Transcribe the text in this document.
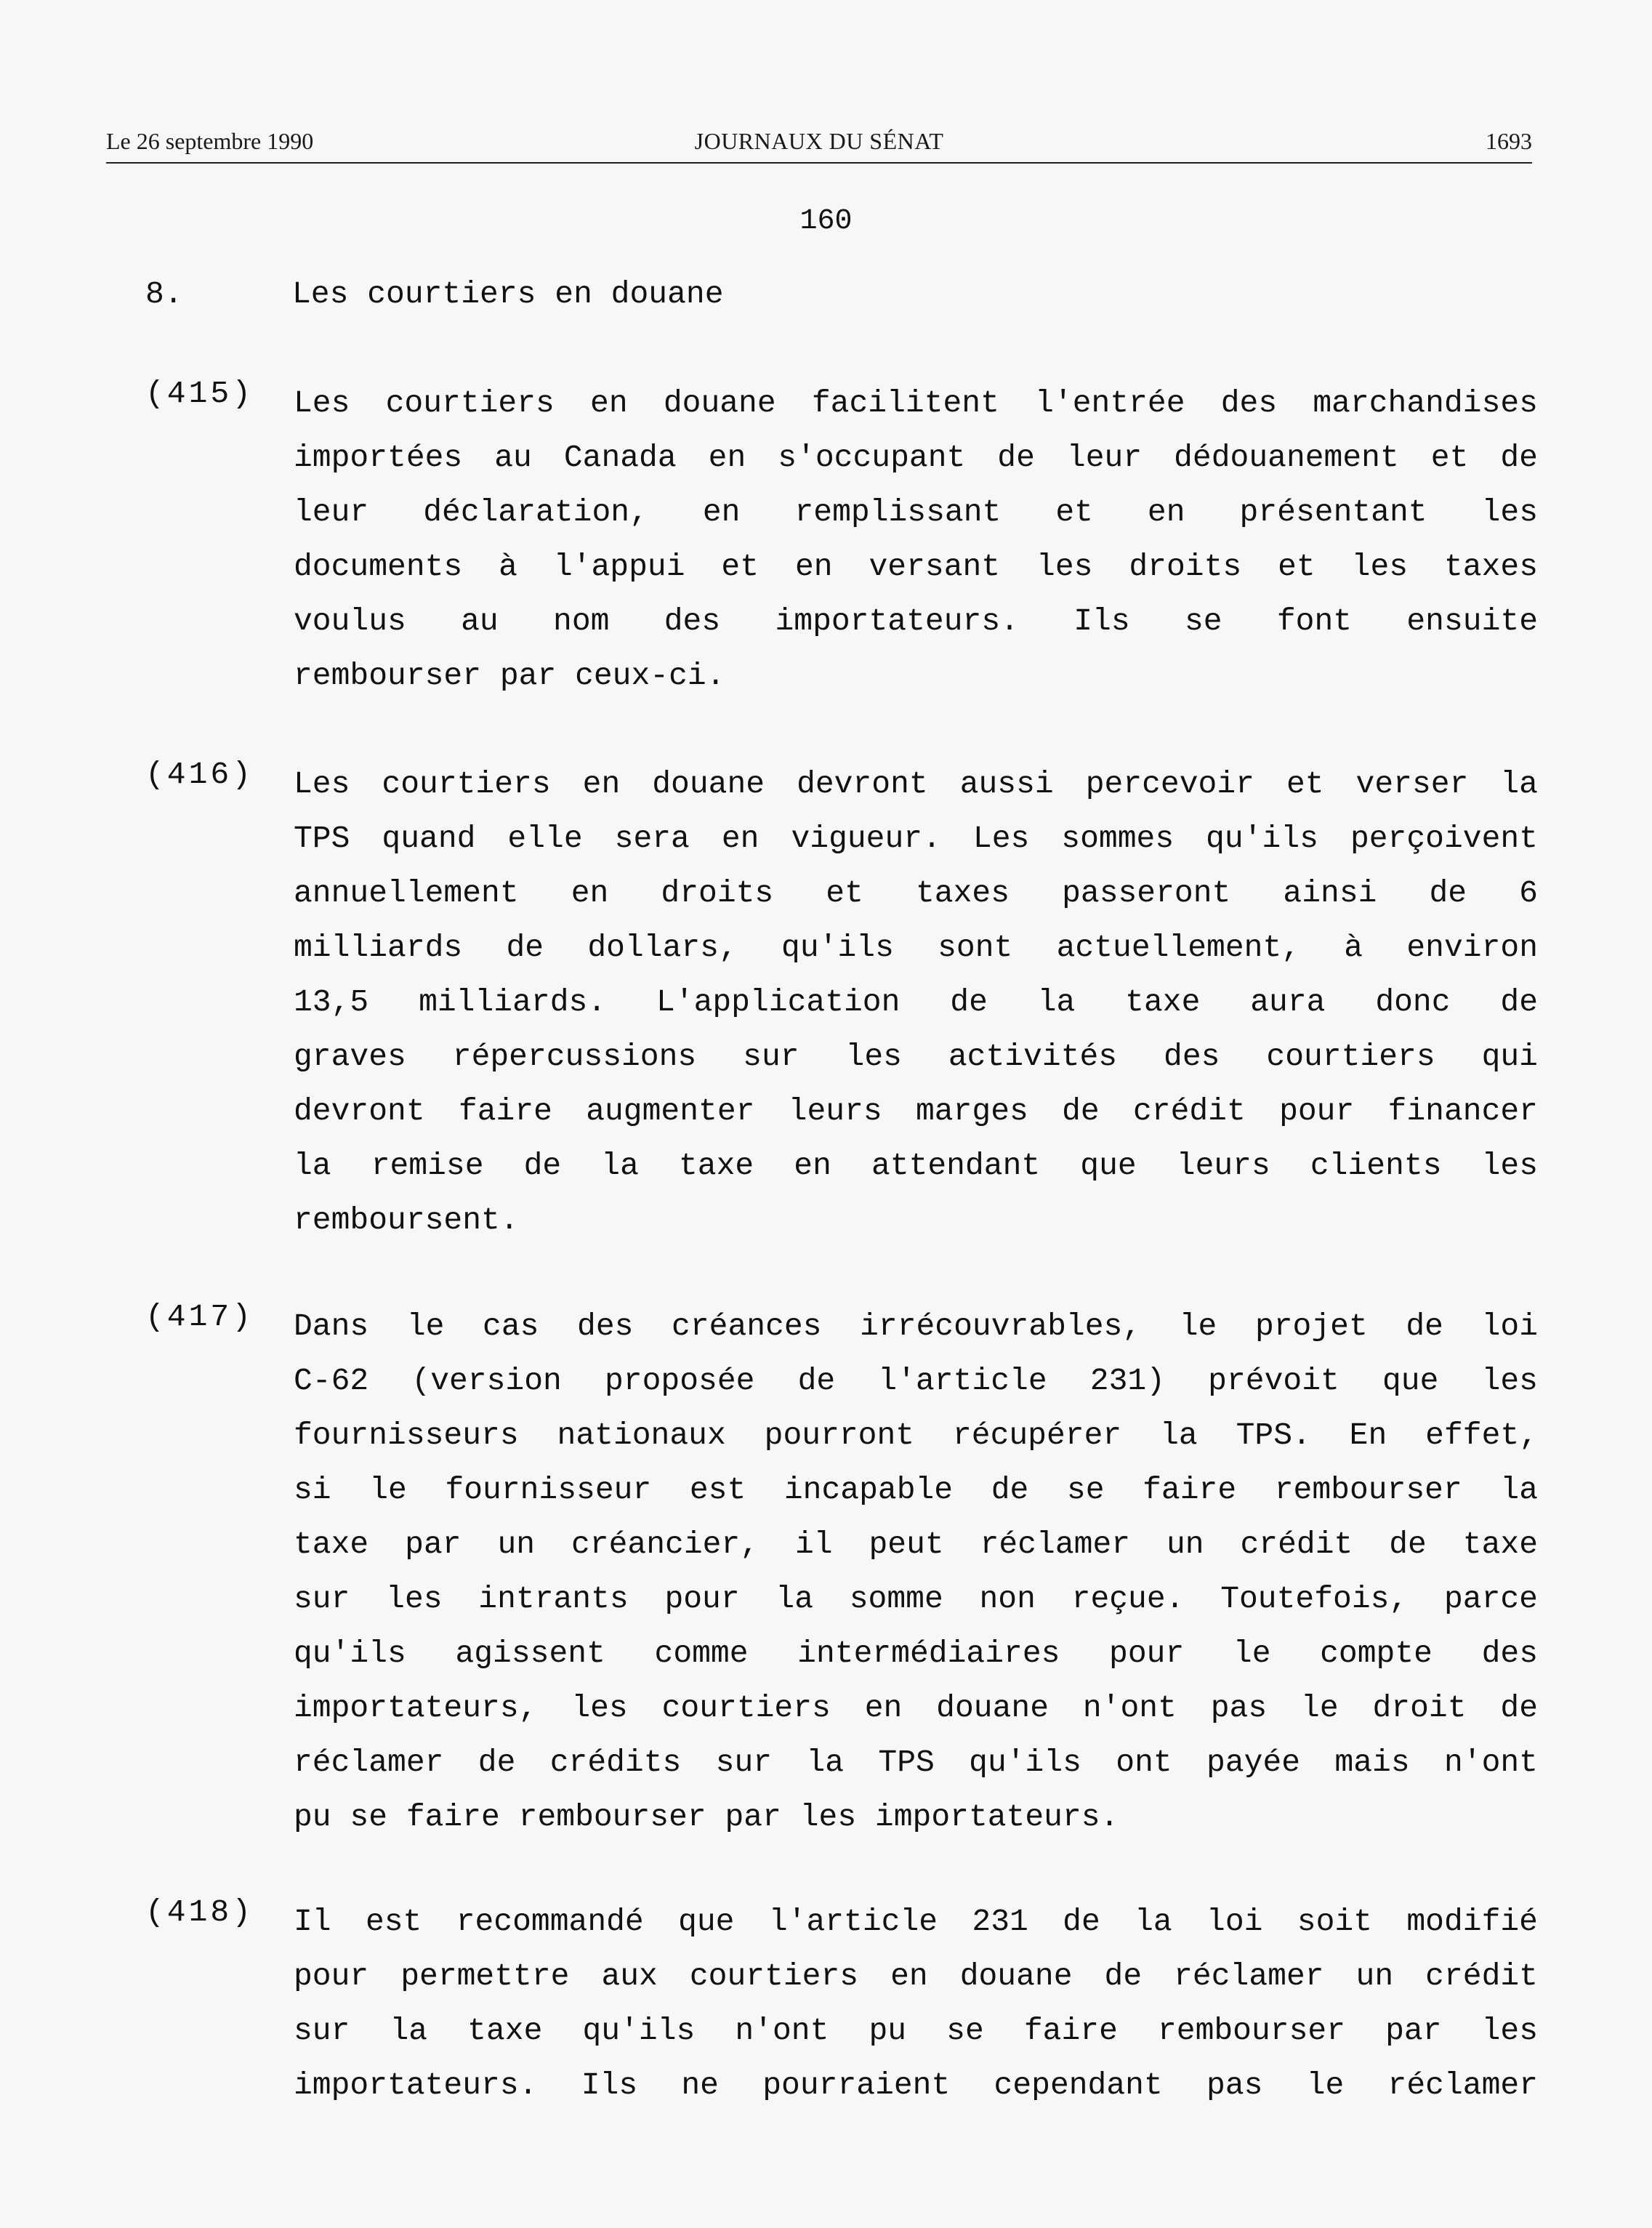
Le 26 septembre 1990	JOURNAUX DU SÉNAT	1693
160
8.	Les courtiers en douane
(415) Les courtiers en douane facilitent l'entrée des marchandises
importées au Canada en s'occupant de leur dédouanement et de
leur déclaration, en remplissant et en présentant les
documents à l'appui et en versant les droits et les taxes
voulus au nom des importateurs. Ils se font ensuite
rembourser par ceux-ci.
(416) Les courtiers en douane devront aussi percevoir et verser la
TPS quand elle sera en vigueur. Les sommes qu'ils perçoivent
annuellement en droits et taxes passeront ainsi de 6
milliards de dollars, qu'ils sont actuellement, à environ
13,5 milliards. L'application de la taxe aura donc de
graves répercussions sur les activités des courtiers qui
devront faire augmenter leurs marges de crédit pour financer
la remise de la taxe en attendant que leurs clients les
remboursent.
(417) Dans le cas des créances irrécouvrables, le projet de loi
C-62 (version proposée de l'article 231) prévoit que les
fournisseurs nationaux pourront récupérer la TPS. En effet,
si le fournisseur est incapable de se faire rembourser la
taxe par un créancier, il peut réclamer un crédit de taxe
sur les intrants pour la somme non reçue. Toutefois, parce
qu'ils agissent comme intermédiaires pour le compte des
importateurs, les courtiers en douane n'ont pas le droit de
réclamer de crédits sur la TPS qu'ils ont payée mais n'ont
pu se faire rembourser par les importateurs.
(418) Il est recommandé que l'article 231 de la loi soit modifié
pour permettre aux courtiers en douane de réclamer un crédit
sur la taxe qu'ils n'ont pu se faire rembourser par les
importateurs. Ils ne pourraient cependant pas le réclamer
